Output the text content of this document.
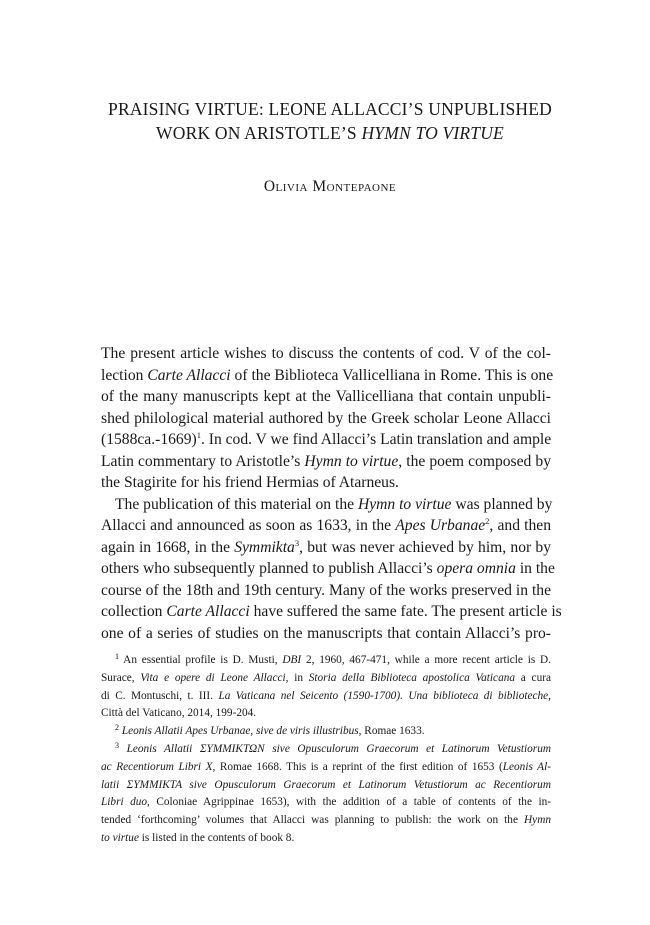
PRAISING VIRTUE: LEONE ALLACCI’S UNPUBLISHED
WORK ON ARISTOTLE’S HYMN TO VIRTUE
Olivia Montepaone
The present article wishes to discuss the contents of cod. V of the col-
lection Carte Allacci of the Biblioteca Vallicelliana in Rome. This is one
of the many manuscripts kept at the Vallicelliana that contain unpubli-
shed philological material authored by the Greek scholar Leone Allacci
(1588ca.-1669)$^1$. In cod. V we find Allacci’s Latin translation and ample
Latin commentary to Aristotle’s Hymn to virtue, the poem composed by
the Stagirite for his friend Hermias of Atarneus.
The publication of this material on the Hymn to virtue was planned by
Allacci and announced as soon as 1633, in the Apes Urbanae$^2$, and then
again in 1668, in the Symmikta$^3$, but was never achieved by him, nor by
others who subsequently planned to publish Allacci’s opera omnia in the
course of the 18th and 19th century. Many of the works preserved in the
collection Carte Allacci have suffered the same fate. The present article is
one of a series of studies on the manuscripts that contain Allacci’s pro-
$^1$ An essential profile is D. Musti, DBI 2, 1960, 467-471, while a more recent article is D.
Surace, Vita e opere di Leone Allacci, in Storia della Biblioteca apostolica Vaticana a cura
di C. Montuschi, t. III. La Vaticana nel Seicento (1590-1700). Una biblioteca di biblioteche,
Città del Vaticano, 2014, 199-204.
$^2$ Leonis Allatii Apes Urbanae, sive de viris illustribus, Romae 1633.
$^3$ Leonis Allatii ΣΥΜΜΙΚΤΩΝ sive Opusculorum Graecorum et Latinorum Vetustiorum
ac Recentiorum Libri X, Romae 1668. This is a reprint of the first edition of 1653 (Leonis Al-
latii ΣΥΜΜΙΚΤΑ sive Opusculorum Graecorum et Latinorum Vetustiorum ac Recentiorum
Libri duo, Coloniae Agrippinae 1653), with the addition of a table of contents of the in-
tended ‘forthcoming’ volumes that Allacci was planning to publish: the work on the Hymn
to virtue is listed in the contents of book 8.
